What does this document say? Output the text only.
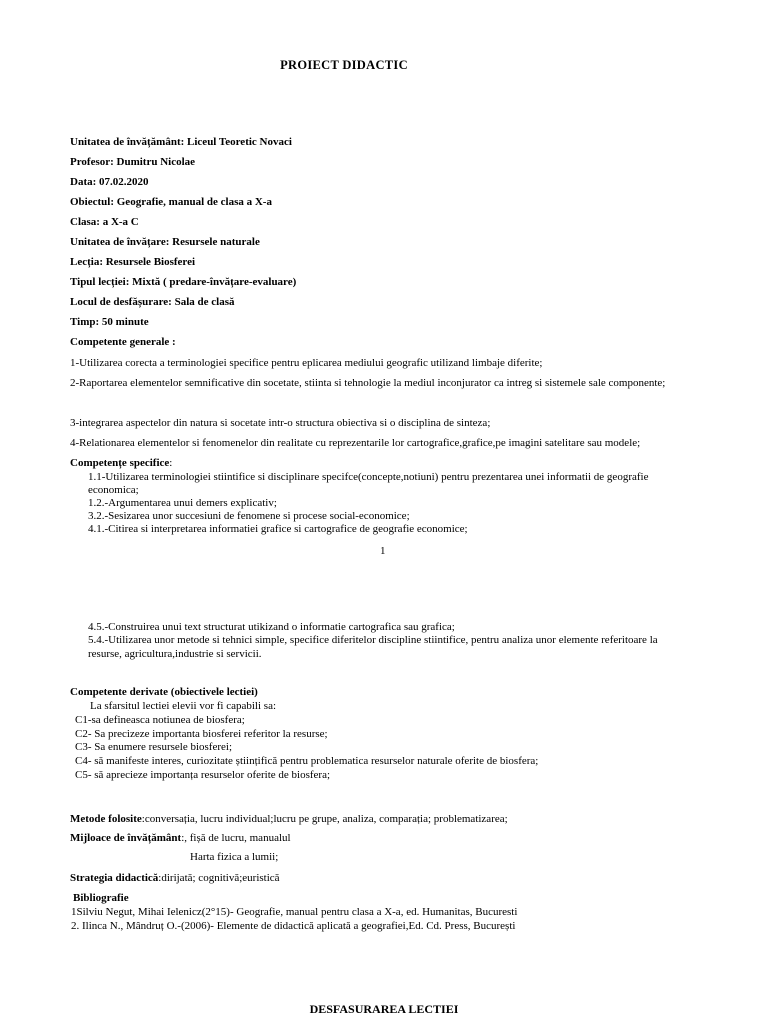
PROIECT DIDACTIC
Unitatea de învățământ: Liceul Teoretic Novaci
Profesor: Dumitru Nicolae
Data: 07.02.2020
Obiectul: Geografie, manual de clasa a X-a
Clasa: a X-a C
Unitatea de învățare: Resursele naturale
Lecția: Resursele Biosferei
Tipul lecției: Mixtă ( predare-învățare-evaluare)
Locul de desfășurare: Sala de clasă
Timp: 50 minute
Competente generale :
1-Utilizarea corecta a terminologiei specifice pentru eplicarea mediului geografic utilizand limbaje diferite;
2-Raportarea elementelor semnificative din socetate, stiinta si tehnologie la mediul inconjurator ca intreg si sistemele sale componente;
3-integrarea aspectelor din natura si socetate intr-o structura obiectiva si o disciplina de sinteza;
4-Relationarea elementelor si fenomenelor din realitate cu reprezentarile lor cartografice,grafice,pe imagini satelitare sau modele;
Competențe specifice:
1.1-Utilizarea terminologiei stiintifice si disciplinare specifce(concepte,notiuni) pentru prezentarea unei informatii de geografie
economica;
1.2.-Argumentarea unui demers explicativ;
3.2.-Sesizarea unor succesiuni de fenomene si procese social-economice;
4.1.-Citirea si interpretarea informatiei grafice si cartografice de geografie economice;
1
4.5.-Construirea unui text structurat utikizand o informatie cartografica sau grafica;
5.4.-Utilizarea unor metode si tehnici simple, specifice diferitelor discipline stiintifice, pentru analiza unor elemente referitoare la
resurse, agricultura,industrie si servicii.
Competente derivate (obiectivele lectiei)
La sfarsitul lectiei elevii vor fi capabili sa:
C1-sa defineasca notiunea de biosfera;
C2- Sa precizeze importanta biosferei referitor la resurse;
C3- Sa enumere resursele biosferei;
C4- să manifeste interes, curiozitate științifică pentru problematica resurselor naturale oferite de biosfera;
C5- să aprecieze importanța resurselor oferite de biosfera;
Metode folosite:conversația, lucru individual;lucru pe grupe, analiza, comparația; problematizarea;
Mijloace de învățământ:, fișă de lucru, manualul
Harta fizica a lumii;
Strategia didactică:dirijată; cognitivă;euristică
Bibliografie
1Silviu Negut, Mihai Ielenicz(2°15)- Geografie, manual pentru clasa a X-a, ed. Humanitas, Bucuresti
2. Ilinca N., Mândruț O.-(2006)- Elemente de didactică aplicată a geografiei,Ed. Cd. Press, București
DESFASURAREA LECTIEI
